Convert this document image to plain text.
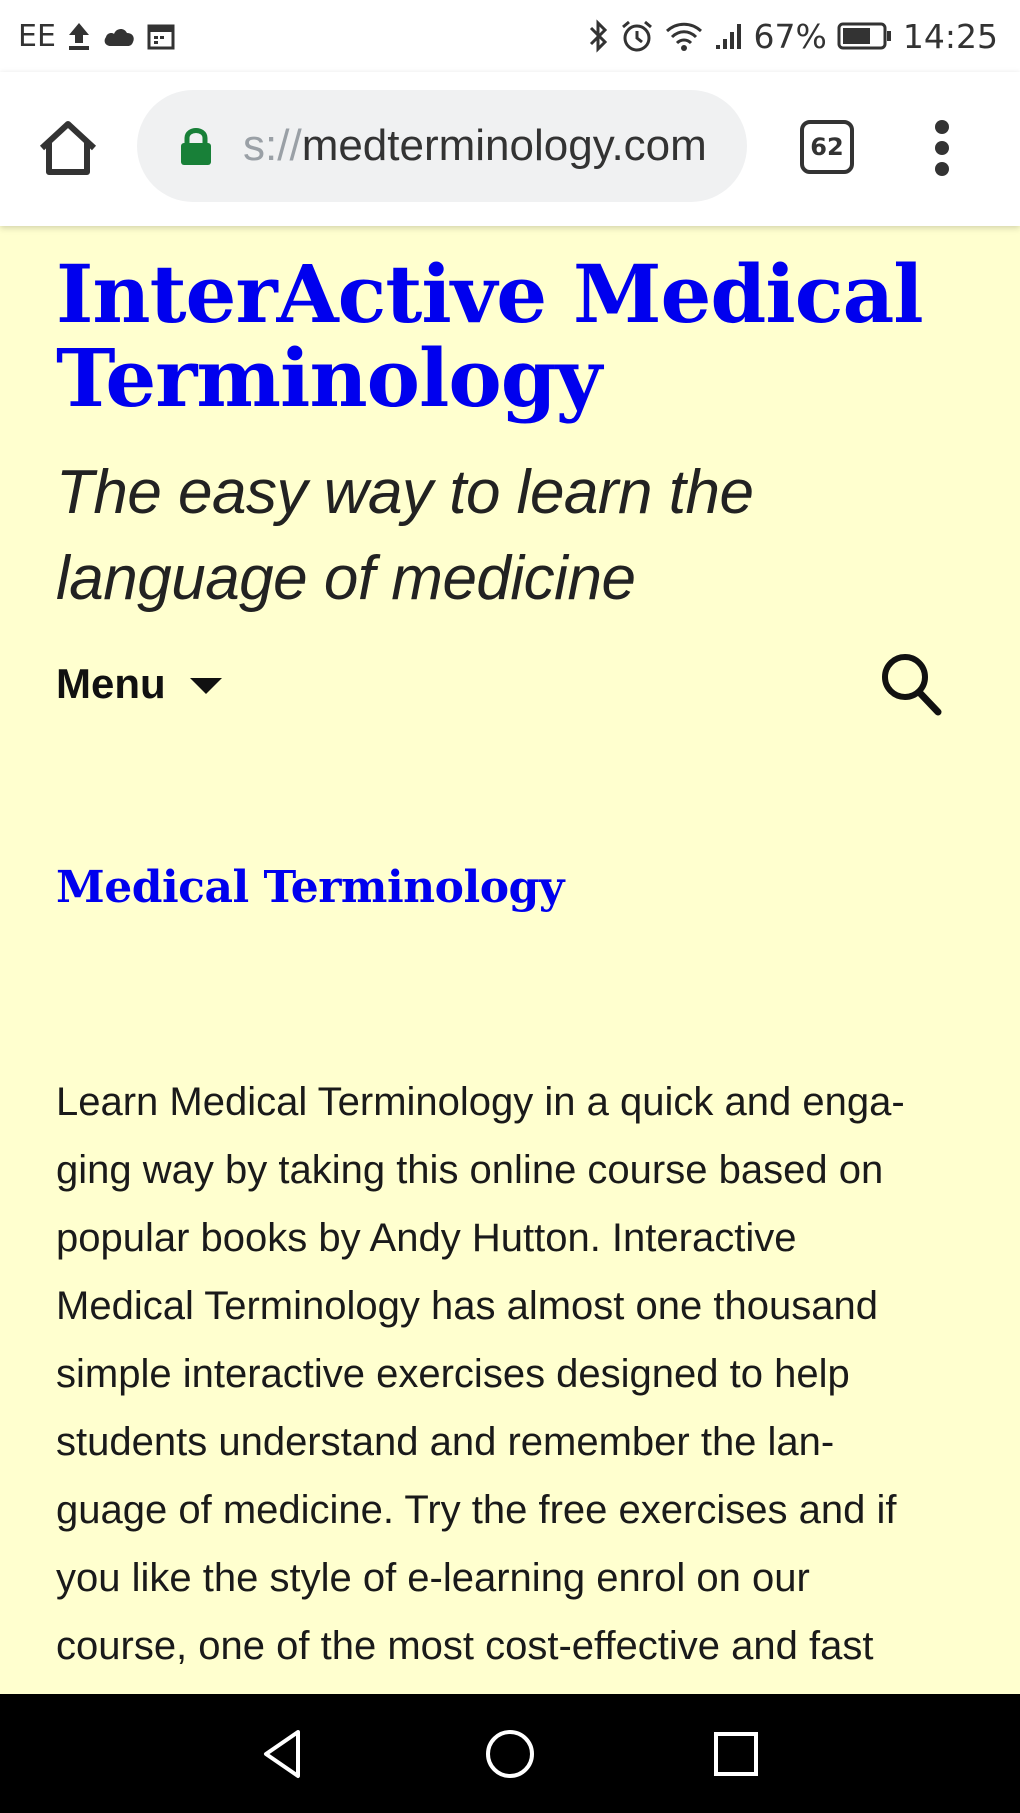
EE	67% 14:25
s://medterminology.com	62
InterActive Medical Terminology

The easy way to learn the
language of medicine

Menu
Medical Terminology

Learn Medical Terminology in a quick and enga-
ging way by taking this online course based on
popular books by Andy Hutton. Interactive
Medical Terminology has almost one thousand
simple interactive exercises designed to help
students understand and remember the lan-
guage of medicine. Try the free exercises and if
you like the style of e-learning enrol on our
course, one of the most cost-effective and fast
